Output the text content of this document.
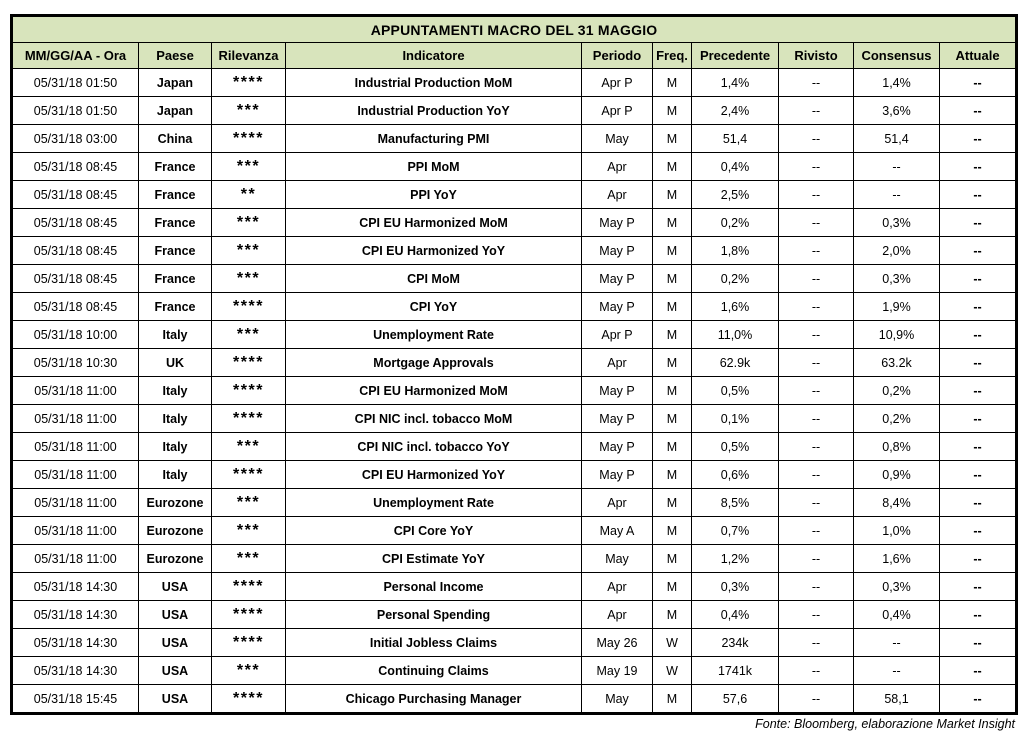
APPUNTAMENTI MACRO DEL 31 MAGGIO									
MM/GG/AA - Ora	Paese	Rilevanza	Indicatore	Periodo	Freq.	Precedente	Rivisto	Consensus	Attuale
05/31/18 01:50	Japan	****	Industrial Production MoM	Apr P	M	1,4%	--	1,4%	--
05/31/18 01:50	Japan	***	Industrial Production YoY	Apr P	M	2,4%	--	3,6%	--
05/31/18 03:00	China	****	Manufacturing PMI	May	M	51,4	--	51,4	--
05/31/18 08:45	France	***	PPI MoM	Apr	M	0,4%	--	--	--
05/31/18 08:45	France	**	PPI YoY	Apr	M	2,5%	--	--	--
05/31/18 08:45	France	***	CPI EU Harmonized MoM	May P	M	0,2%	--	0,3%	--
05/31/18 08:45	France	***	CPI EU Harmonized YoY	May P	M	1,8%	--	2,0%	--
05/31/18 08:45	France	***	CPI MoM	May P	M	0,2%	--	0,3%	--
05/31/18 08:45	France	****	CPI YoY	May P	M	1,6%	--	1,9%	--
05/31/18 10:00	Italy	***	Unemployment Rate	Apr P	M	11,0%	--	10,9%	--
05/31/18 10:30	UK	****	Mortgage Approvals	Apr	M	62.9k	--	63.2k	--
05/31/18 11:00	Italy	****	CPI EU Harmonized MoM	May P	M	0,5%	--	0,2%	--
05/31/18 11:00	Italy	****	CPI NIC incl. tobacco MoM	May P	M	0,1%	--	0,2%	--
05/31/18 11:00	Italy	***	CPI NIC incl. tobacco YoY	May P	M	0,5%	--	0,8%	--
05/31/18 11:00	Italy	****	CPI EU Harmonized YoY	May P	M	0,6%	--	0,9%	--
05/31/18 11:00	Eurozone	***	Unemployment Rate	Apr	M	8,5%	--	8,4%	--
05/31/18 11:00	Eurozone	***	CPI Core YoY	May A	M	0,7%	--	1,0%	--
05/31/18 11:00	Eurozone	***	CPI Estimate YoY	May	M	1,2%	--	1,6%	--
05/31/18 14:30	USA	****	Personal Income	Apr	M	0,3%	--	0,3%	--
05/31/18 14:30	USA	****	Personal Spending	Apr	M	0,4%	--	0,4%	--
05/31/18 14:30	USA	****	Initial Jobless Claims	May 26	W	234k	--	--	--
05/31/18 14:30	USA	***	Continuing Claims	May 19	W	1741k	--	--	--
05/31/18 15:45	USA	****	Chicago Purchasing Manager	May	M	57,6	--	58,1	--
Fonte: Bloomberg, elaborazione Market Insight
